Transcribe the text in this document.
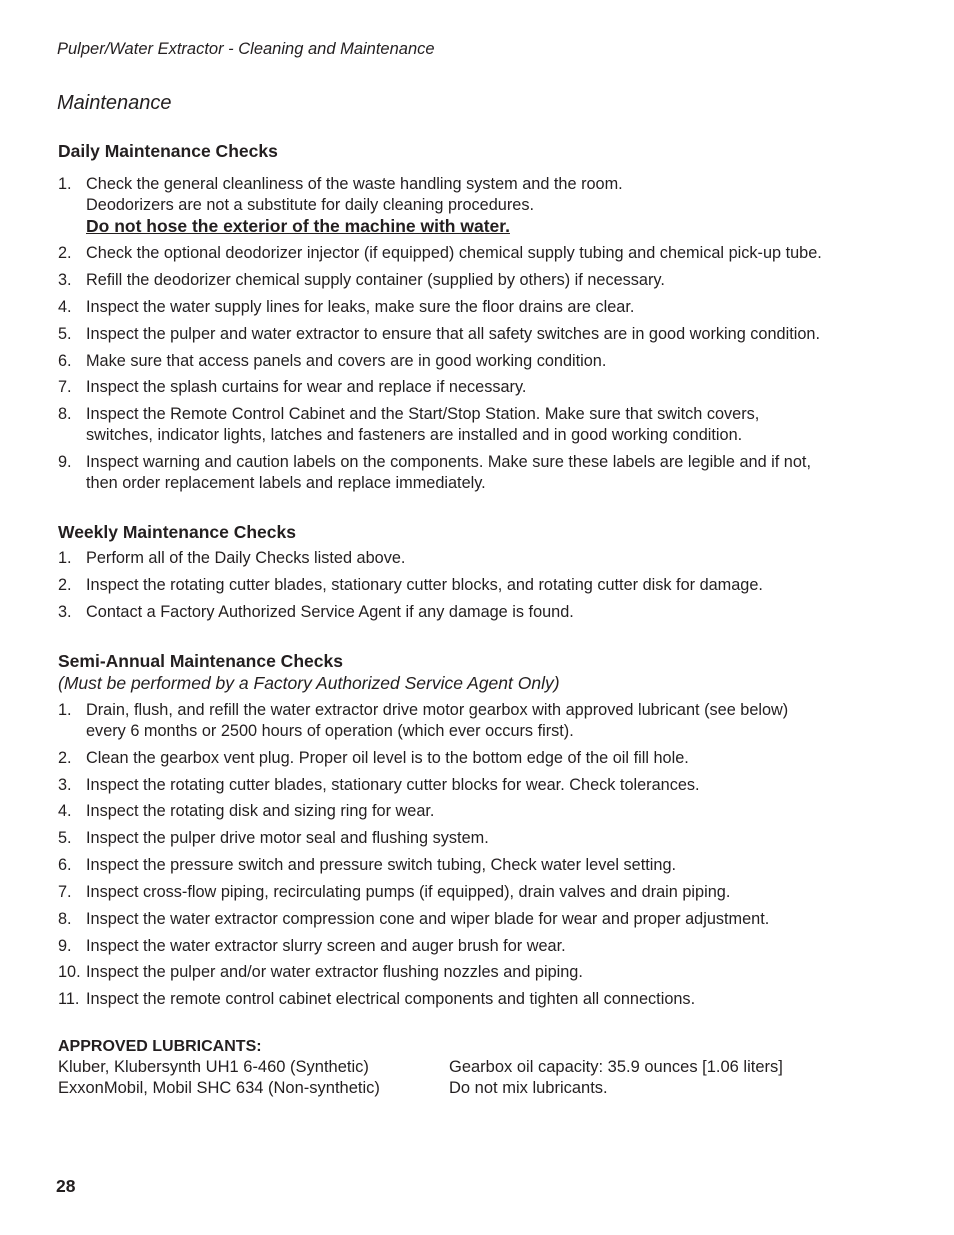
Pulper/Water Extractor - Cleaning and Maintenance
Maintenance
Daily Maintenance Checks
1. Check the general cleanliness of the waste handling system and the room.
Deodorizers are not a substitute for daily cleaning procedures.
Do not hose the exterior of the machine with water.
2. Check the optional deodorizer injector (if equipped) chemical supply tubing and chemical pick-up tube.
3. Refill the deodorizer chemical supply container (supplied by others) if necessary.
4. Inspect the water supply lines for leaks, make sure the floor drains are clear.
5. Inspect the pulper and water extractor to ensure that all safety switches are in good working condition.
6. Make sure that access panels and covers are in good working condition.
7. Inspect the splash curtains for wear and replace if necessary.
8. Inspect the Remote Control Cabinet and the Start/Stop Station. Make sure that switch covers,
switches, indicator lights, latches and fasteners are installed and in good working condition.
9. Inspect warning and caution labels on the components. Make sure these labels are legible and if not,
then order replacement labels and replace immediately.
Weekly Maintenance Checks
1. Perform all of the Daily Checks listed above.
2. Inspect the rotating cutter blades, stationary cutter blocks, and rotating cutter disk for damage.
3. Contact a Factory Authorized Service Agent if any damage is found.
Semi-Annual Maintenance Checks
(Must be performed by a Factory Authorized Service Agent Only)
1. Drain, flush, and refill the water extractor drive motor gearbox with approved lubricant (see below)
every 6 months or 2500 hours of operation (which ever occurs first).
2. Clean the gearbox vent plug. Proper oil level is to the bottom edge of the oil fill hole.
3. Inspect the rotating cutter blades, stationary cutter blocks for wear. Check tolerances.
4. Inspect the rotating disk and sizing ring for wear.
5. Inspect the pulper drive motor seal and flushing system.
6. Inspect the pressure switch and pressure switch tubing, Check water level setting.
7. Inspect cross-flow piping, recirculating pumps (if equipped), drain valves and drain piping.
8. Inspect the water extractor compression cone and wiper blade for wear and proper adjustment.
9. Inspect the water extractor slurry screen and auger brush for wear.
10. Inspect the pulper and/or water extractor flushing nozzles and piping.
11. Inspect the remote control cabinet electrical components and tighten all connections.
APPROVED LUBRICANTS:
Kluber, Klubersynth UH1 6-460 (Synthetic)
ExxonMobil, Mobil SHC 634 (Non-synthetic)
Gearbox oil capacity: 35.9 ounces [1.06 liters]
Do not mix lubricants.
28
